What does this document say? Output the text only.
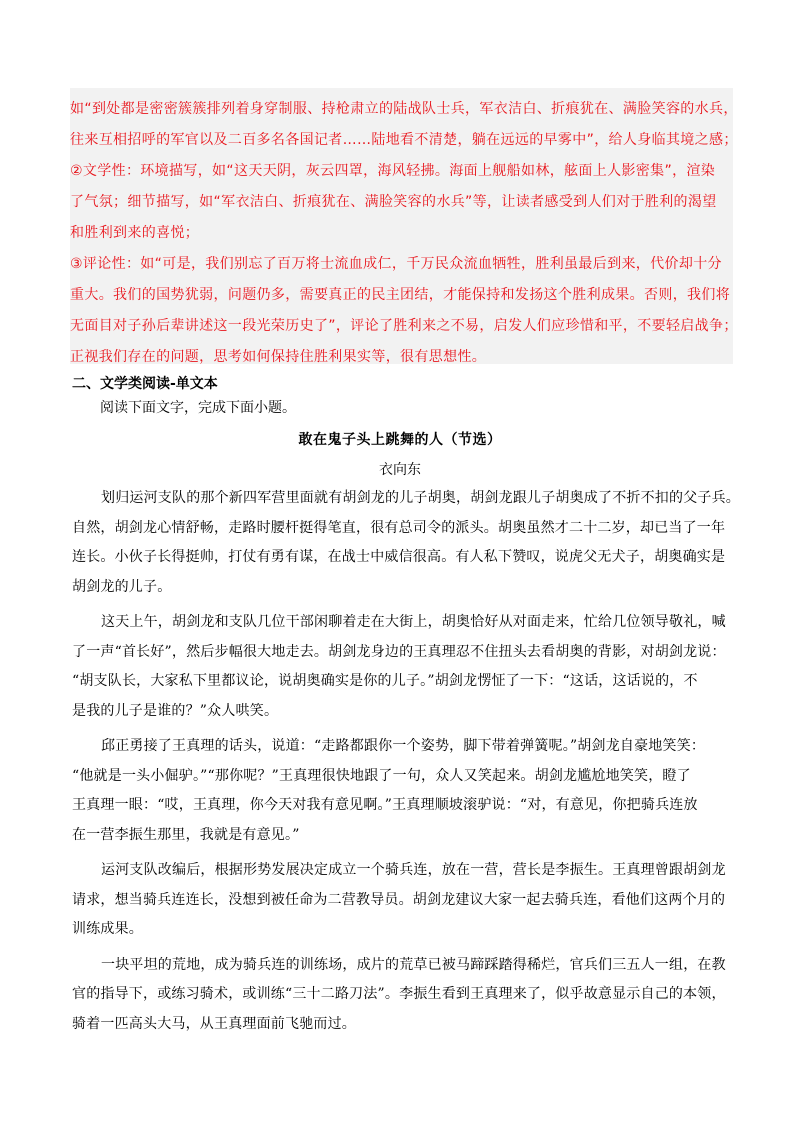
如“到处都是密密簇簇排列着身穿制服、持枪肃立的陆战队士兵，军衣洁白、折痕犹在、满脸笑容的水兵，

往来互相招呼的军官以及二百多名各国记者……陆地看不清楚，躺在远远的早雾中”，给人身临其境之感；

②文学性：环境描写，如“这天天阴，灰云四罩，海风轻拂。海面上舰船如林，舷面上人影密集”，渲染

了气氛；细节描写，如“军衣洁白、折痕犹在、满脸笑容的水兵”等，让读者感受到人们对于胜利的渴望

和胜利到来的喜悦；

③评论性：如“可是，我们别忘了百万将士流血成仁，千万民众流血牺牲，胜利虽最后到来，代价却十分

重大。我们的国势犹弱，问题仍多，需要真正的民主团结，才能保持和发扬这个胜利成果。否则，我们将

无面目对子孙后辈讲述这一段光荣历史了”，评论了胜利来之不易，启发人们应珍惜和平，不要轻启战争；

正视我们存在的问题，思考如何保持住胜利果实等，很有思想性。

二、文学类阅读-单文本
阅读下面文字，完成下面小题。
敢在鬼子头上跳舞的人（节选）
衣向东
划归运河支队的那个新四军营里面就有胡剑龙的儿子胡奥，胡剑龙跟儿子胡奥成了不折不扣的父子兵。
自然，胡剑龙心情舒畅，走路时腰杆挺得笔直，很有总司令的派头。胡奥虽然才二十二岁，却已当了一年
连长。小伙子长得挺帅，打仗有勇有谋，在战士中威信很高。有人私下赞叹，说虎父无犬子，胡奥确实是
胡剑龙的儿子。
这天上午，胡剑龙和支队几位干部闲聊着走在大街上，胡奥恰好从对面走来，忙给几位领导敬礼，喊
了一声“首长好”，然后步幅很大地走去。胡剑龙身边的王真理忍不住扭头去看胡奥的背影，对胡剑龙说：
“胡支队长，大家私下里都议论，说胡奥确实是你的儿子。”胡剑龙愣怔了一下：“这话，这话说的，不
是我的儿子是谁的？”众人哄笑。
邱正勇接了王真理的话头，说道：“走路都跟你一个姿势，脚下带着弹簧呢。”胡剑龙自豪地笑笑：
“他就是一头小倔驴。”“那你呢？”王真理很快地跟了一句，众人又笑起来。胡剑龙尴尬地笑笑，瞪了
王真理一眼：“哎，王真理，你今天对我有意见啊。”王真理顺坡滚驴说：“对，有意见，你把骑兵连放
在一营李振生那里，我就是有意见。”
运河支队改编后，根据形势发展决定成立一个骑兵连，放在一营，营长是李振生。王真理曾跟胡剑龙
请求，想当骑兵连连长，没想到被任命为二营教导员。胡剑龙建议大家一起去骑兵连，看他们这两个月的
训练成果。
一块平坦的荒地，成为骑兵连的训练场，成片的荒草已被马蹄踩踏得稀烂，官兵们三五人一组，在教
官的指导下，或练习骑术，或训练“三十二路刀法”。李振生看到王真理来了，似乎故意显示自己的本领，
骑着一匹高头大马，从王真理面前飞驰而过。
